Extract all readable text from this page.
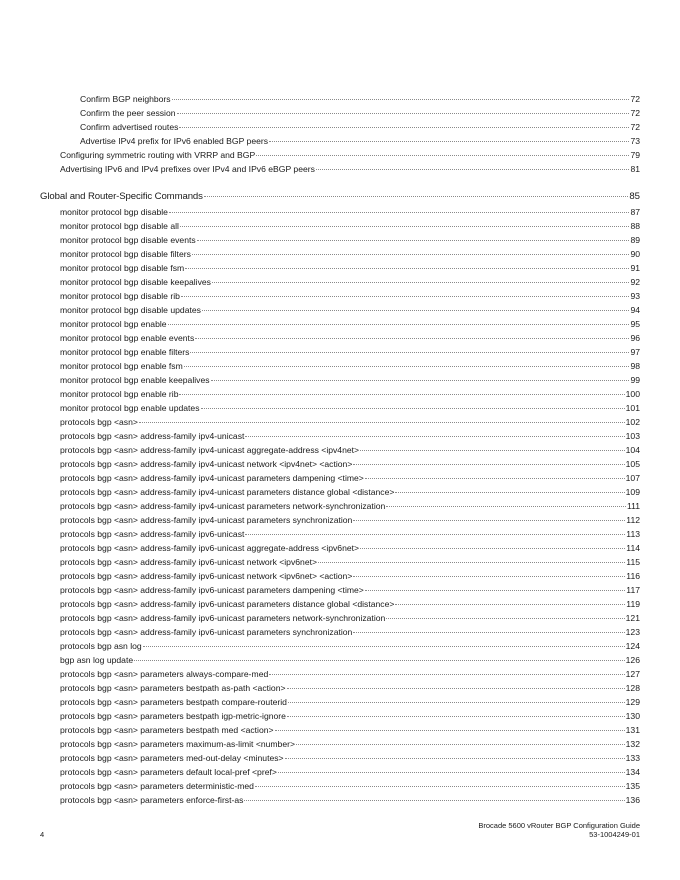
Confirm BGP neighbors	72
Confirm the peer session	72
Confirm advertised routes	72
Advertise IPv4 prefix for IPv6 enabled BGP peers	73
Configuring symmetric routing with VRRP and BGP	79
Advertising IPv6 and IPv4 prefixes over IPv4 and IPv6 eBGP peers	81
Global and Router-Specific Commands	85
monitor protocol bgp disable	87
monitor protocol bgp disable all	88
monitor protocol bgp disable events	89
monitor protocol bgp disable filters	90
monitor protocol bgp disable fsm	91
monitor protocol bgp disable keepalives	92
monitor protocol bgp disable rib	93
monitor protocol bgp disable updates	94
monitor protocol bgp enable	95
monitor protocol bgp enable events	96
monitor protocol bgp enable filters	97
monitor protocol bgp enable fsm	98
monitor protocol bgp enable keepalives	99
monitor protocol bgp enable rib	100
monitor protocol bgp enable updates	101
protocols bgp <asn>	102
protocols bgp <asn> address-family ipv4-unicast	103
protocols bgp <asn> address-family ipv4-unicast aggregate-address <ipv4net>	104
protocols bgp <asn> address-family ipv4-unicast network <ipv4net> <action>	105
protocols bgp <asn> address-family ipv4-unicast parameters dampening <time>	107
protocols bgp <asn> address-family ipv4-unicast parameters distance global <distance>	109
protocols bgp <asn> address-family ipv4-unicast parameters network-synchronization	111
protocols bgp <asn> address-family ipv4-unicast parameters synchronization	112
protocols bgp <asn> address-family ipv6-unicast	113
protocols bgp <asn> address-family ipv6-unicast aggregate-address <ipv6net>	114
protocols bgp <asn> address-family ipv6-unicast network <ipv6net>	115
protocols bgp <asn> address-family ipv6-unicast network <ipv6net> <action>	116
protocols bgp <asn> address-family ipv6-unicast parameters dampening <time>	117
protocols bgp <asn> address-family ipv6-unicast parameters distance global <distance>	119
protocols bgp <asn> address-family ipv6-unicast parameters network-synchronization	121
protocols bgp <asn> address-family ipv6-unicast parameters synchronization	123
protocols bgp asn log	124
bgp asn log update	126
protocols bgp <asn> parameters always-compare-med	127
protocols bgp <asn> parameters bestpath as-path <action>	128
protocols bgp <asn> parameters bestpath compare-routerid	129
protocols bgp <asn> parameters bestpath igp-metric-ignore	130
protocols bgp <asn> parameters bestpath med <action>	131
protocols bgp <asn> parameters maximum-as-limit <number>	132
protocols bgp <asn> parameters med-out-delay <minutes>	133
protocols bgp <asn> parameters default local-pref <pref>	134
protocols bgp <asn> parameters deterministic-med	135
protocols bgp <asn> parameters enforce-first-as	136
4
Brocade 5600 vRouter BGP Configuration Guide
53-1004249-01
